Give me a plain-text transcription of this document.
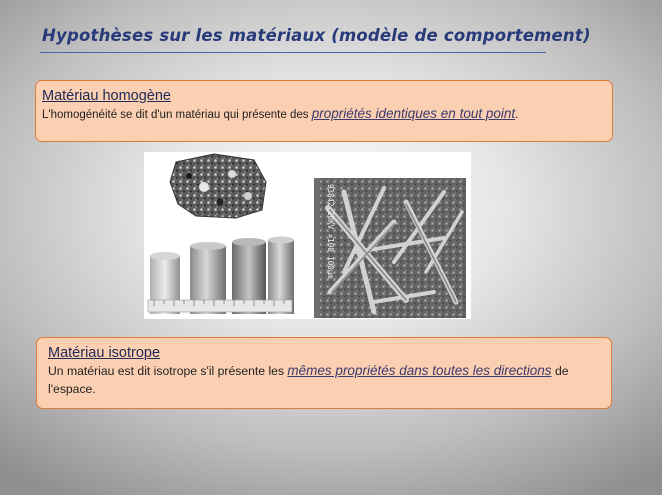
Hypothèses sur les matériaux (modèle de comportement)
Matériau homogène
L'homogénéité se dit d'un matériau qui présente des propriétés identiques en tout point.
93842 20KV ×100 100µm
Matériau isotrope
Un matériau est dit isotrope s'il présente les mêmes propriétés dans toutes les directions de l'espace.
